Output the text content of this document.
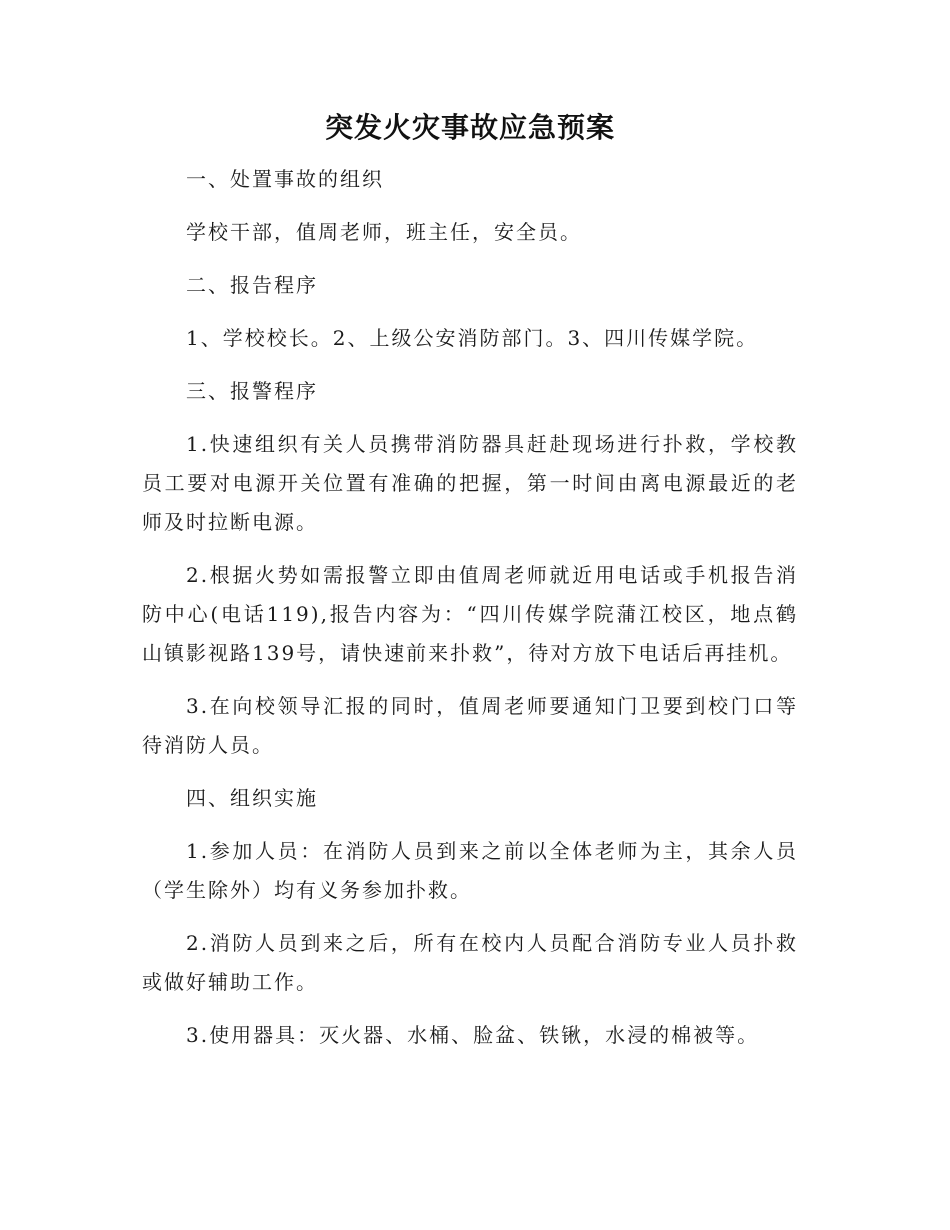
突发火灾事故应急预案

一、处置事故的组织

学校干部，值周老师，班主任，安全员。

二、报告程序

1、学校校长。2、上级公安消防部门。3、四川传媒学院。

三、报警程序

1.快速组织有关人员携带消防器具赶赴现场进行扑救，学校教员工要对电源开关位置有准确的把握，第一时间由离电源最近的老师及时拉断电源。

2.根据火势如需报警立即由值周老师就近用电话或手机报告消防中心(电话119),报告内容为：“四川传媒学院蒲江校区，地点鹤山镇影视路139号，请快速前来扑救”，待对方放下电话后再挂机。

3.在向校领导汇报的同时，值周老师要通知门卫要到校门口等待消防人员。

四、组织实施

1.参加人员：在消防人员到来之前以全体老师为主，其余人员（学生除外）均有义务参加扑救。

2.消防人员到来之后，所有在校内人员配合消防专业人员扑救或做好辅助工作。

3.使用器具：灭火器、水桶、脸盆、铁锹，水浸的棉被等。
